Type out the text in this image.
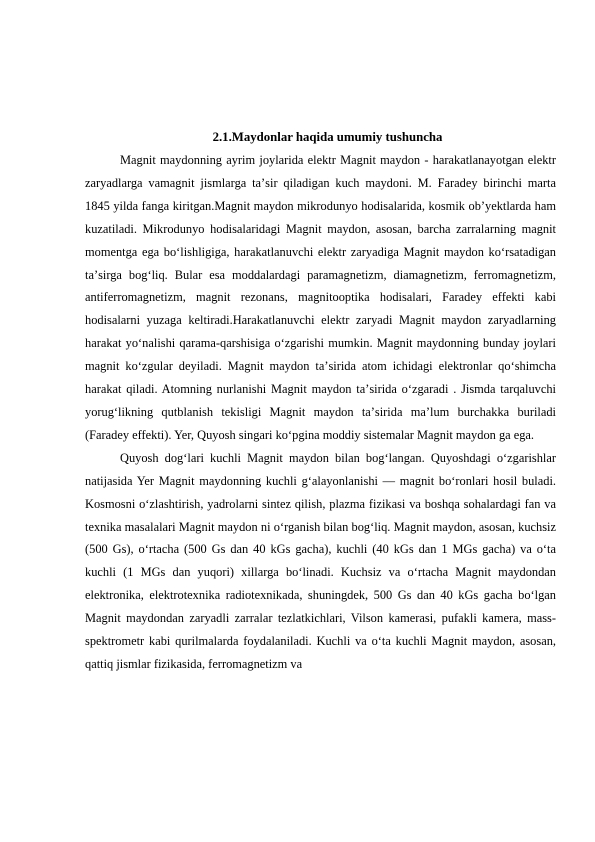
2.1.Maydonlar haqida umumiy tushuncha

Magnit maydonning ayrim joylarida elektr Magnit maydon - harakatlanayotgan elektr zaryadlarga vamagnit jismlarga taʼsir qiladigan kuch maydoni. M. Faradey birinchi marta 1845 yilda fanga kiritgan.Magnit maydon mikrodunyo hodisalarida, kosmik obʼyektlarda ham kuzatiladi. Mikrodunyo hodisalaridagi Magnit maydon, asosan, barcha zarralarning magnit momentga ega boʻlishligiga, harakatlanuvchi elektr zaryadiga Magnit maydon koʻrsatadigan taʼsirga bogʻliq. Bular esa moddalardagi paramagnetizm, diamagnetizm, ferromagnetizm, antiferromagnetizm, magnit rezonans, magnitooptika hodisalari, Faradey effekti kabi hodisalarni yuzaga keltiradi.Harakatlanuvchi elektr zaryadi Magnit maydon zaryadlarning harakat yoʻnalishi qarama-qarshisiga oʻzgarishi mumkin. Magnit maydonning bunday joylari magnit koʻzgular deyiladi. Magnit maydon taʼsirida atom ichidagi elektronlar qoʻshimcha harakat qiladi. Atomning nurlanishi Magnit maydon taʼsirida oʻzgaradi . Jismda tarqaluvchi yorugʻlikning qutblanish tekisligi Magnit maydon taʼsirida maʼlum burchakka buriladi (Faradey effekti). Yer, Quyosh singari koʻpgina moddiy sistemalar Magnit maydon ga ega.

Quyosh dogʻlari kuchli Magnit maydon bilan bogʻlangan. Quyoshdagi oʻzgarishlar natijasida Yer Magnit maydonning kuchli gʻalayonlanishi — magnit boʻronlari hosil buladi. Kosmosni oʻzlashtirish, yadrolarni sintez qilish, plazma fizikasi va boshqa sohalardagi fan va texnika masalalari Magnit maydon ni oʻrganish bilan bogʻliq. Magnit maydon, asosan, kuchsiz (500 Gs), oʻrtacha (500 Gs dan 40 kGs gacha), kuchli (40 kGs dan 1 MGs gacha) va oʻta kuchli (1 MGs dan yuqori) xillarga boʻlinadi. Kuchsiz va oʻrtacha Magnit maydondan elektronika, elektrotexnika radiotexnikada, shuningdek, 500 Gs dan 40 kGs gacha boʻlgan Magnit maydondan zaryadli zarralar tezlatkichlari, Vilson kamerasi, pufakli kamera, mass-spektrometr kabi qurilmalarda foydalaniladi. Kuchli va oʻta kuchli Magnit maydon, asosan, qattiq jismlar fizikasida, ferromagnetizm va
